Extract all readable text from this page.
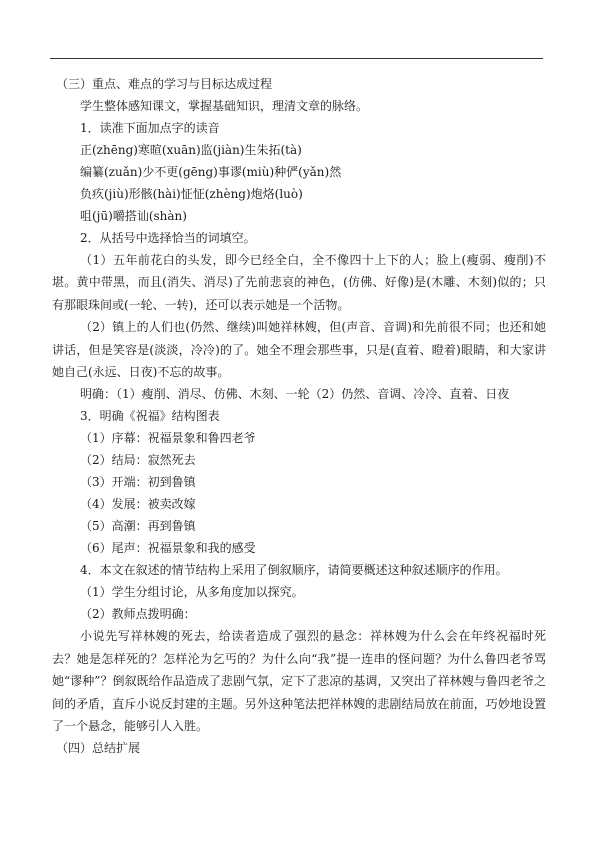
（三）重点、难点的学习与目标达成过程
学生整体感知课文，掌握基础知识，理清文章的脉络。
1．读准下面加点字的读音
正(zhēng)寒暄(xuān)监(jiàn)生朱拓(tà)
编纂(zuǎn)少不更(gēng)事谬(miù)种俨(yǎn)然
负疚(jiù)形骸(hài)怔怔(zhèng)炮烙(luò)
咀(jū)嚼搭讪(shàn)
2．从括号中选择恰当的词填空。
（1）五年前花白的头发，即今已经全白，全不像四十上下的人；脸上(瘦弱、瘦削)不堪。黄中带黑，而且(消失、消尽)了先前悲哀的神色，(仿佛、好像)是(木雕、木刻)似的；只有那眼珠间或(一轮、一转)，还可以表示她是一个活物。
（2）镇上的人们也(仍然、继续)叫她祥林嫂，但(声音、音调)和先前很不同；也还和她讲话，但是笑容是(淡淡，冷冷)的了。她全不理会那些事，只是(直着、瞪着)眼睛，和大家讲她自己(永远、日夜)不忘的故事。
明确：（1）瘦削、消尽、仿佛、木刻、一轮（2）仍然、音调、冷冷、直着、日夜
3．明确《祝福》结构图表
（1）序幕：祝福景象和鲁四老爷
（2）结局：寂然死去
（3）开端：初到鲁镇
（4）发展：被卖改嫁
（5）高潮：再到鲁镇
（6）尾声：祝福景象和我的感受
4．本文在叙述的情节结构上采用了倒叙顺序，请简要概述这种叙述顺序的作用。
（1）学生分组讨论，从多角度加以探究。
（2）教师点拨明确：
小说先写祥林嫂的死去，给读者造成了强烈的悬念：祥林嫂为什么会在年终祝福时死去？她是怎样死的？怎样沦为乞丐的？为什么向“我”提一连串的怪问题？为什么鲁四老爷骂她“谬种”？倒叙既给作品造成了悲剧气氛，定下了悲凉的基调，又突出了祥林嫂与鲁四老爷之间的矛盾，直斥小说反封建的主题。另外这种笔法把祥林嫂的悲剧结局放在前面，巧妙地设置了一个悬念，能够引人入胜。
（四）总结扩展
